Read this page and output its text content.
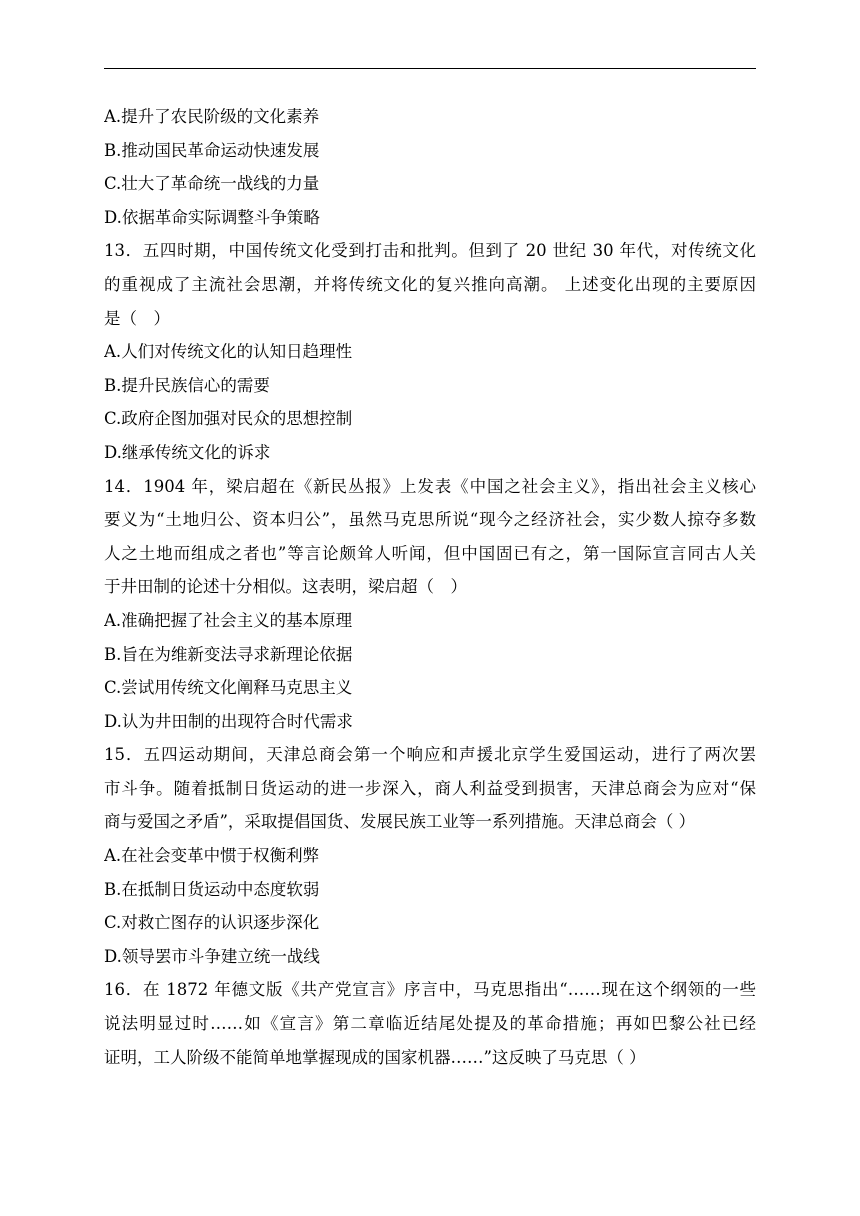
A.提升了农民阶级的文化素养
B.推动国民革命运动快速发展
C.壮大了革命统一战线的力量
D.依据革命实际调整斗争策略
13．五四时期，中国传统文化受到打击和批判。但到了 20 世纪 30 年代，对传统文化
的重视成了主流社会思潮，并将传统文化的复兴推向高潮。 上述变化出现的主要原因
是（　）
A.人们对传统文化的认知日趋理性
B.提升民族信心的需要
C.政府企图加强对民众的思想控制
D.继承传统文化的诉求
14．1904 年，梁启超在《新民丛报》上发表《中国之社会主义》，指出社会主义核心
要义为“土地归公、资本归公”，虽然马克思所说“现今之经济社会，实少数人掠夺多数
人之土地而组成之者也”等言论颇耸人听闻，但中国固已有之，第一国际宣言同古人关
于井田制的论述十分相似。这表明，梁启超（　）
A.准确把握了社会主义的基本原理
B.旨在为维新变法寻求新理论依据
C.尝试用传统文化阐释马克思主义
D.认为井田制的出现符合时代需求
15．五四运动期间，天津总商会第一个响应和声援北京学生爱国运动，进行了两次罢
市斗争。随着抵制日货运动的进一步深入，商人利益受到损害，天津总商会为应对“保
商与爱国之矛盾”，采取提倡国货、发展民族工业等一系列措施。天津总商会（ ）
A.在社会变革中惯于权衡利弊
B.在抵制日货运动中态度软弱
C.对救亡图存的认识逐步深化
D.领导罢市斗争建立统一战线
16．在 1872 年德文版《共产党宣言》序言中，马克思指出“……现在这个纲领的一些
说法明显过时……如《宣言》第二章临近结尾处提及的革命措施；再如巴黎公社已经
证明，工人阶级不能简单地掌握现成的国家机器……”这反映了马克思（ ）
